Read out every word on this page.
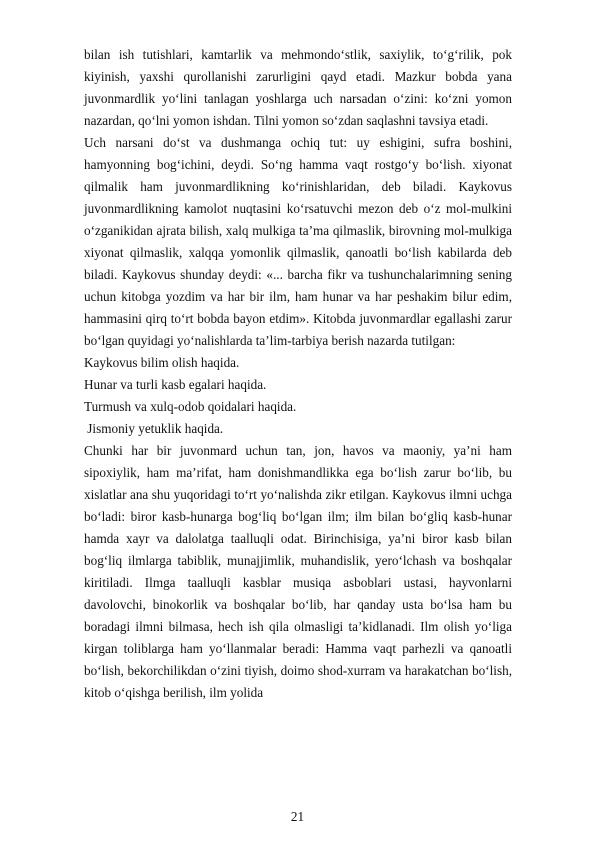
bilan ish tutishlari, kamtarlik va mehmondo‘stlik, saxiylik, to‘g‘rilik, pok kiyinish, yaxshi qurollanishi zarurligini qayd etadi. Mazkur bobda yana juvonmardlik yo‘lini tanlagan yoshlarga uch narsadan o‘zini: ko‘zni yomon nazardan, qo‘lni yomon ishdan. Tilni yomon so‘zdan saqlashni tavsiya etadi.

Uch narsani do‘st va dushmanga ochiq tut: uy eshigini, sufra boshini, hamyonning bog‘ichini, deydi. So‘ng hamma vaqt rostgo‘y bo‘lish. xiyonat qilmalik ham juvonmardlikning ko‘rinishlaridan, deb biladi. Kaykovus juvonmardlikning kamolot nuqtasini ko‘rsatuvchi mezon deb o‘z mol-mulkini o‘zganikidan ajrata bilish, xalq mulkiga ta’ma qilmaslik, birovning mol-mulkiga xiyonat qilmaslik, xalqqa yomonlik qilmaslik, qanoatli bo‘lish kabilarda deb biladi. Kaykovus shunday deydi: «... barcha fikr va tushunchalarimning sening uchun kitobga yozdim va har bir ilm, ham hunar va har peshakim bilur edim, hammasini qirq to‘rt bobda bayon etdim». Kitobda juvonmardlar egallashi zarur bo‘lgan quyidagi yo‘nalishlarda ta’lim-tarbiya berish nazarda tutilgan:

Kaykovus bilim olish haqida.

Hunar va turli kasb egalari haqida.

Turmush va xulq-odob qoidalari haqida.

Jismoniy yetuklik haqida.

Chunki har bir juvonmard uchun tan, jon, havos va maoniy, ya’ni ham sipoxiylik, ham ma’rifat, ham donishmandlikka ega bo‘lish zarur bo‘lib, bu xislatlar ana shu yuqoridagi to‘rt yo‘nalishda zikr etilgan. Kaykovus ilmni uchga bo‘ladi: biror kasb-hunarga bog‘liq bo‘lgan ilm; ilm bilan bo‘gliq kasb-hunar hamda xayr va dalolatga taalluqli odat. Birinchisiga, ya’ni biror kasb bilan bog‘liq ilmlarga tabiblik, munajjimlik, muhandislik, yero‘lchash va boshqalar kiritiladi. Ilmga taalluqli kasblar musiqa asboblari ustasi, hayvonlarni davolovchi, binokorlik va boshqalar bo‘lib, har qanday usta bo‘lsa ham bu boradagi ilmni bilmasa, hech ish qila olmasligi ta’kidlanadi. Ilm olish yo‘liga kirgan toliblarga ham yo‘llanmalar beradi: Hamma vaqt parhezli va qanoatli bo‘lish, bekorchilikdan o‘zini tiyish, doimo shod-xurram va harakatchan bo‘lish, kitob o‘qishga berilish, ilm yolida

21
